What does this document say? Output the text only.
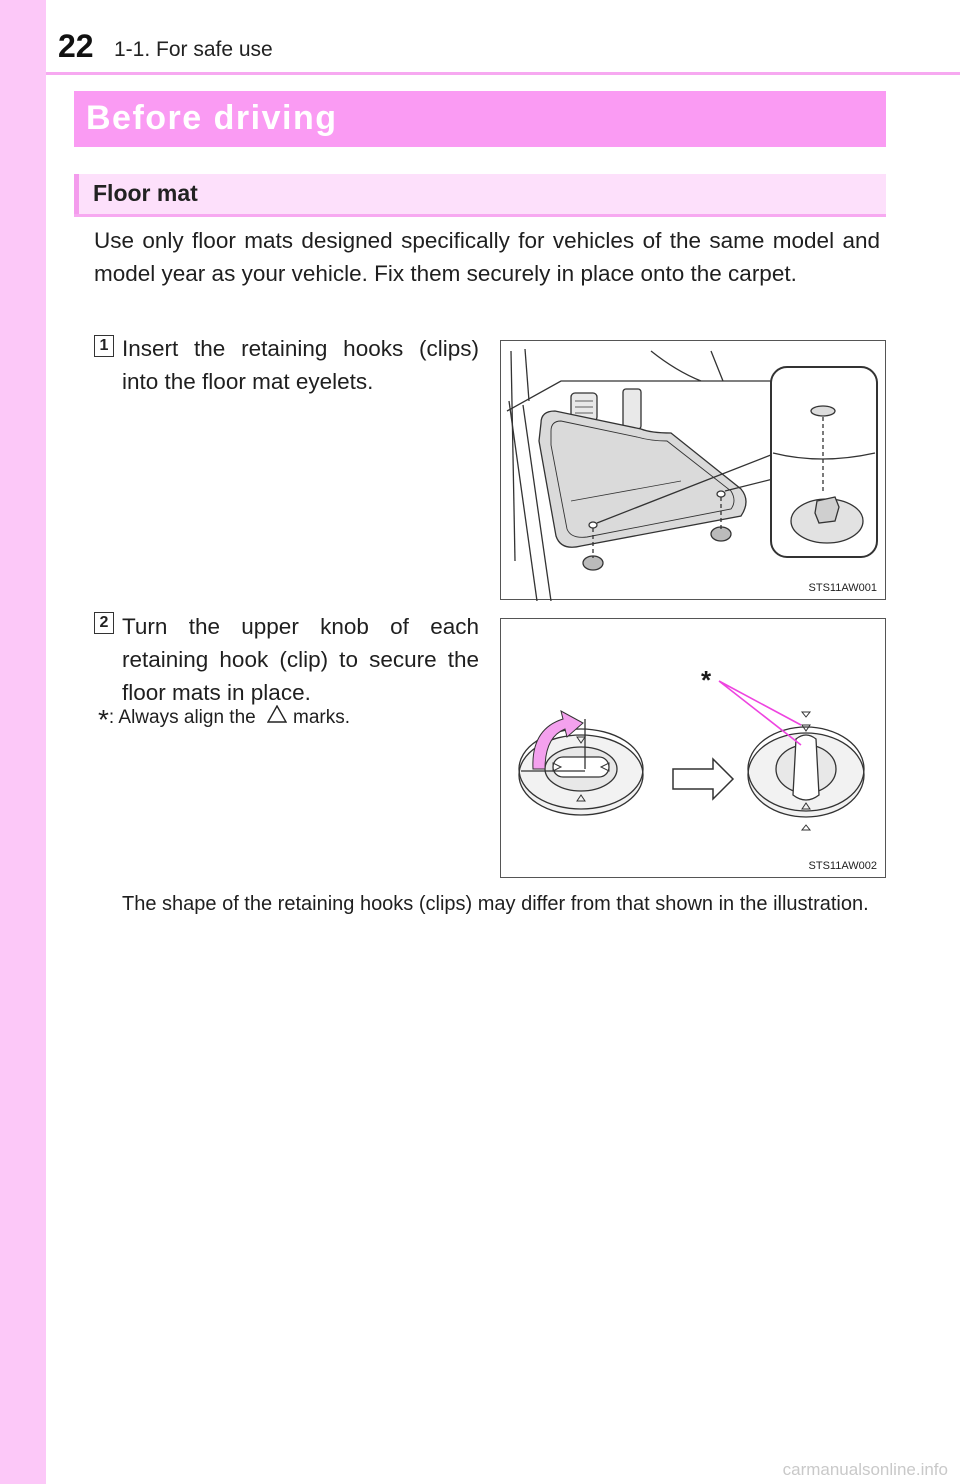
22 1-1. For safe use
Before driving
Floor mat
Use only floor mats designed specifically for vehicles of the same model and model year as your vehicle. Fix them securely in place onto the carpet.
1 Insert the retaining hooks (clips) into the floor mat eyelets.
STS11AW001
2 Turn the upper knob of each retaining hook (clip) to secure the floor mats in place.
*: Always align the marks.
*
STS11AW002
The shape of the retaining hooks (clips) may differ from that shown in the illustration.
carmanualsonline.info
